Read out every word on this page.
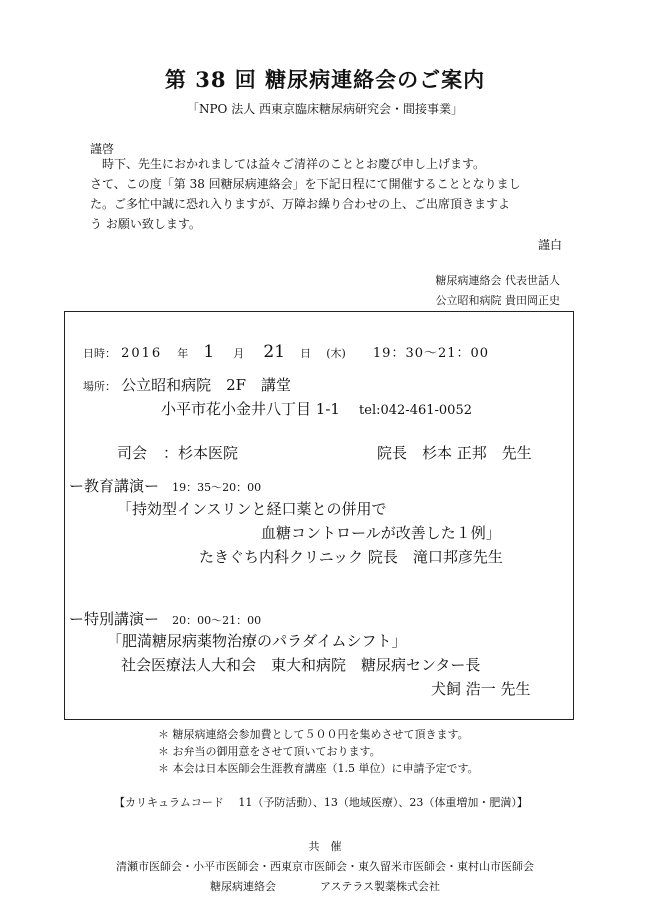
第 38 回 糖尿病連絡会のご案内
「NPO 法人 西東京臨床糖尿病研究会・間接事業」
謹啓

時下、先生におかれましては益々ご清祥のこととお慶び申し上げます。

さて、この度「第 38 回糖尿病連絡会」を下記日程にて開催することとなりまし

た。ご多忙中誠に恐れ入りますが、万障お繰り合わせの上、ご出席頂きますよ

う お願い致します。

謹白
糖尿病連絡会 代表世話人
公立昭和病院 貴田岡正史
日時： 2016 年 1 月 21 日 (木) 19：30～21：00
場所： 公立昭和病院　2F　講堂
小平市花小金井八丁目 1-1 tel:042-461-0052
司会 ：杉本医院	院長　杉本 正邦　先生
ー教育講演ー 19：35～20：00
「持効型インスリンと経口薬との併用で
血糖コントロールが改善した１例」
たきぐち内科クリニック 院長　滝口邦彦先生
ー特別講演ー 20：00～21：00
「肥満糖尿病薬物治療のパラダイムシフト」
社会医療法人大和会　東大和病院　糖尿病センター長
犬飼 浩一 先生
＊ 糖尿病連絡会参加費として５００円を集めさせて頂きます。
＊ お弁当の御用意をさせて頂いております。
＊ 本会は日本医師会生涯教育講座（1.5 単位）に申請予定です。
【カリキュラムコード　 11（予防活動）、13（地域医療）、23（体重増加・肥満）】
共　催
清瀬市医師会・小平市医師会・西東京市医師会・東久留米市医師会・東村山市医師会
糖尿病連絡会　　　　アステラス製薬株式会社
